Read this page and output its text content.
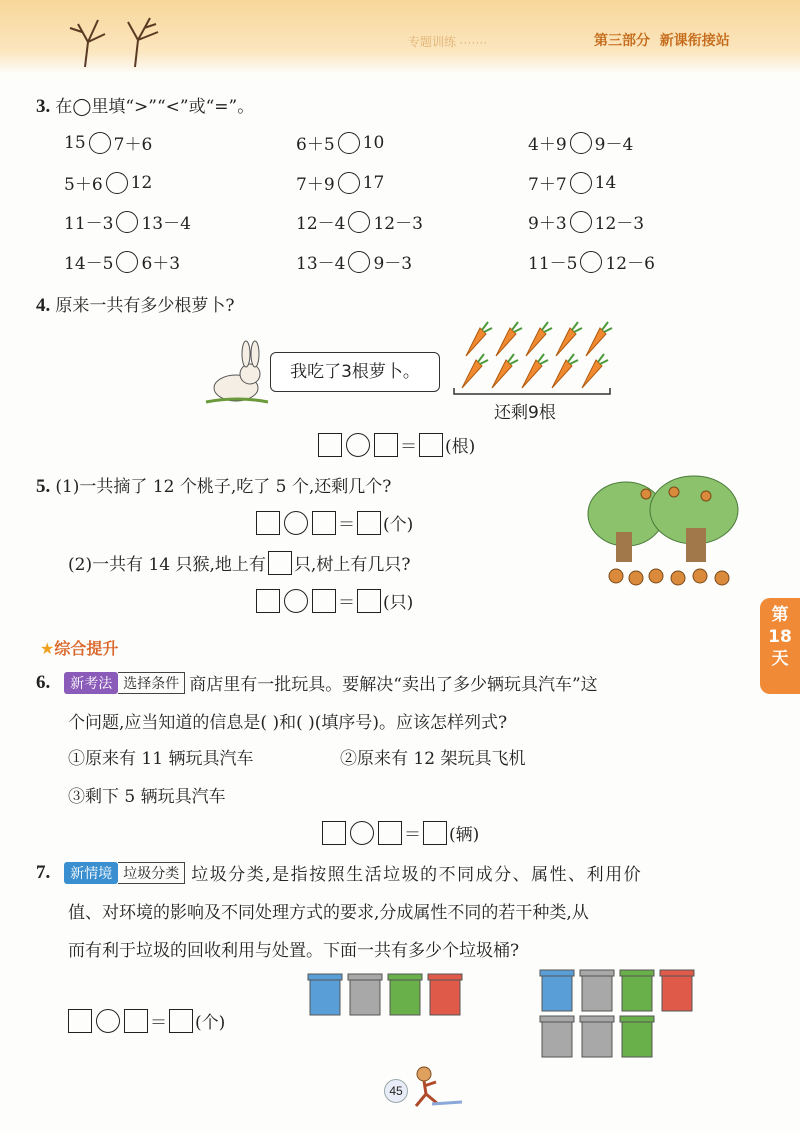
专题训练 ·······	第三部分 新课衔接站
3. 在◯里填“>”“<”或“=”。
15 7＋6	6＋5 10	4＋9 9－4
5＋6 12	7＋9 17	7＋7 14
11－3 13－4	12－4 12－3	9＋3 12－3
14－5 6＋3	13－4 9－3	11－5 12－6
4. 原来一共有多少根萝卜?
我吃了3根萝卜。
还剩9根
＝ (根)
5. (1)一共摘了 12 个桃子,吃了 5 个,还剩几个?
＝ (个)
(2)一共有 14 只猴,地上有 只,树上有几只?
＝ (只)
第
18
天
★综合提升
6.	新考法 选择条件 商店里有一批玩具。要解决“卖出了多少辆玩具汽车”这
个问题,应当知道的信息是( )和( )(填序号)。应该怎样列式?
①原来有 11 辆玩具汽车	②原来有 12 架玩具飞机
③剩下 5 辆玩具汽车
＝ (辆)
7.	新情境 垃圾分类 垃圾分类,是指按照生活垃圾的不同成分、属性、利用价
值、对环境的影响及不同处理方式的要求,分成属性不同的若干种类,从
而有利于垃圾的回收利用与处置。下面一共有多少个垃圾桶?
＝ (个)
45
